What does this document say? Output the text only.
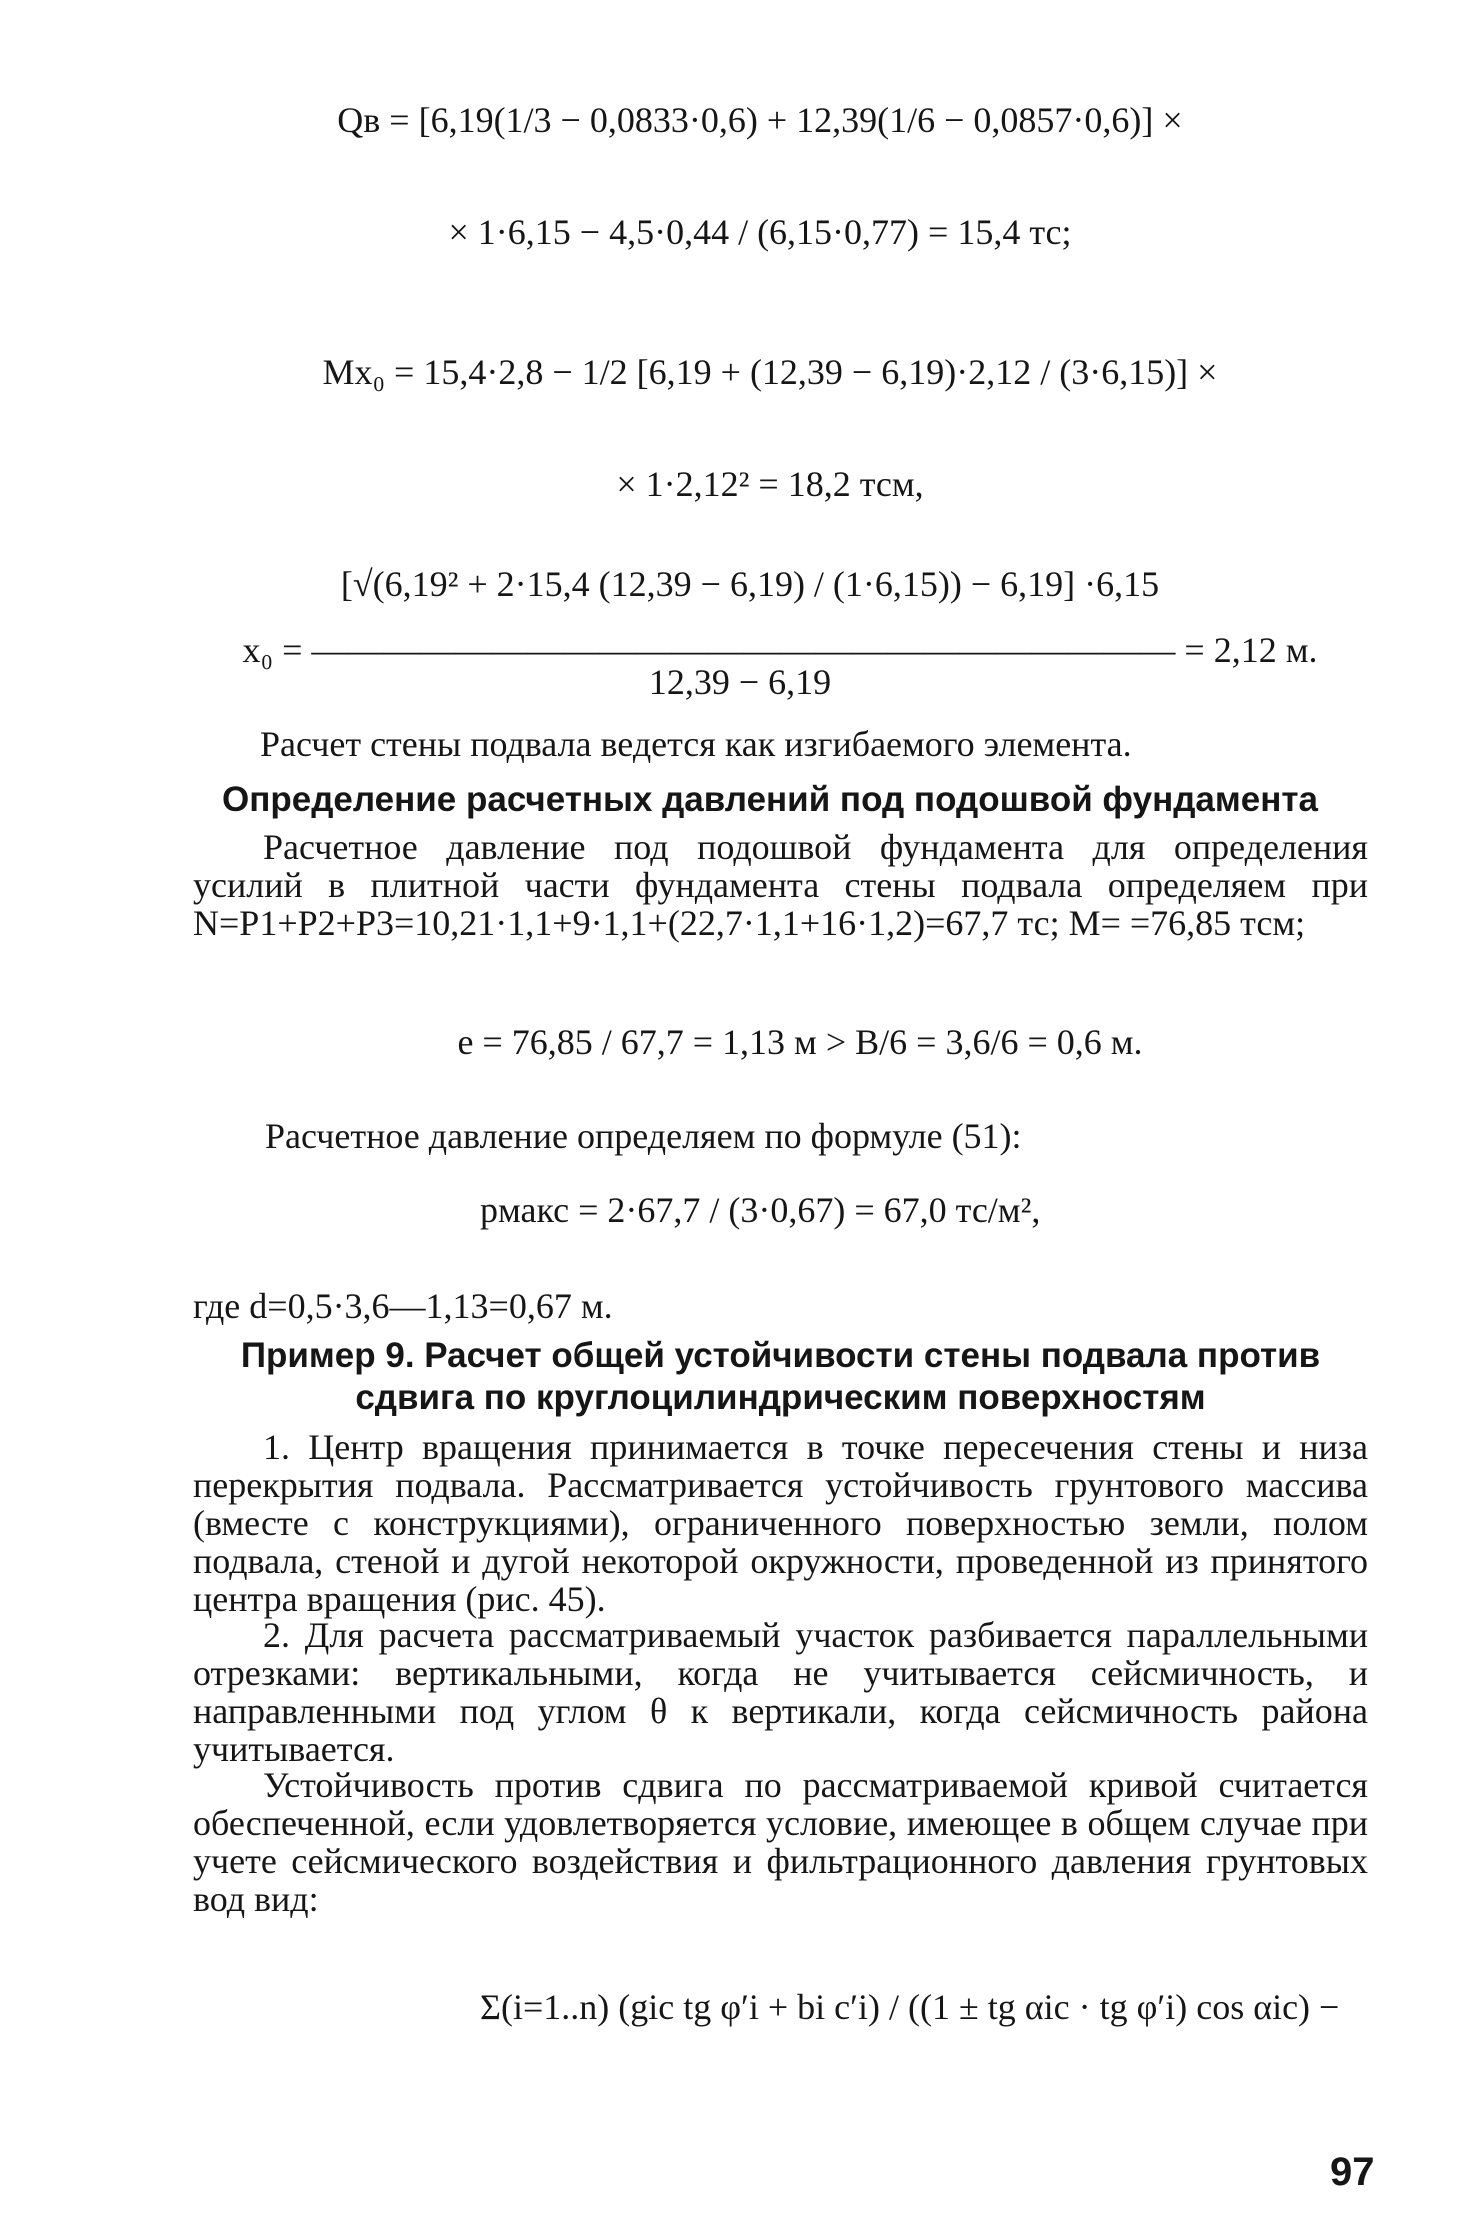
Qв = [6,19(1/3 − 0,0833·0,6) + 12,39(1/6 − 0,0857·0,6)] ×
× 1·6,15 − 4,5·0,44 / (6,15·0,77) = 15,4 тс;
Mx₀ = 15,4·2,8 − 1/2 [6,19 + (12,39 − 6,19)·2,12 / (3·6,15)] ×
× 1·2,12² = 18,2 тсм,
[√(6,19² + 2·15,4 (12,39 − 6,19) / (1·6,15)) − 6,19] ·6,15
x₀ = ———————————————————————— = 2,12 м.
12,39 − 6,19
Расчет стены подвала ведется как изгибаемого элемента.
Определение расчетных давлений под подошвой фундамента

Расчетное давление под подошвой фундамента для определения усилий в плитной части фундамента стены подвала определяем при N=P1+P2+P3=10,21·1,1+9·1,1+(22,7·1,1+16·1,2)=67,7 тс; M= =76,85 тсм;

e = 76,85 / 67,7 = 1,13 м > B/6 = 3,6/6 = 0,6 м.
Расчетное давление определяем по формуле (51):
pмакс = 2·67,7 / (3·0,67) = 67,0 тс/м²,
где d=0,5·3,6—1,13=0,67 м.
Пример 9. Расчет общей устойчивости стены подвала против сдвига по круглоцилиндрическим поверхностям

1. Центр вращения принимается в точке пересечения стены и низа перекрытия подвала. Рассматривается устойчивость грунтового массива (вместе с конструкциями), ограниченного поверхностью земли, полом подвала, стеной и дугой некоторой окружности, проведенной из принятого центра вращения (рис. 45).

2. Для расчета рассматриваемый участок разбивается параллельными отрезками: вертикальными, когда не учитывается сейсмичность, и направленными под углом θ к вертикали, когда сейсмичность района учитывается.

Устойчивость против сдвига по рассматриваемой кривой считается обеспеченной, если удовлетворяется условие, имеющее в общем случае при учете сейсмического воздействия и фильтрационного давления грунтовых вод вид:

Σ(i=1..n) (gic tg φ′i + bi c′i) / ((1 ± tg αic · tg φ′i) cos αic) −
97
